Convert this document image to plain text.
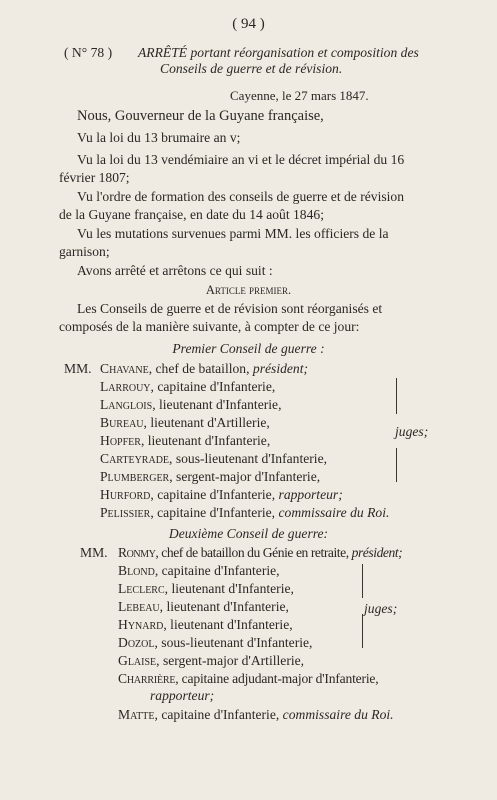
( 94 )
( N° 78 ) ARRÊTÉ portant réorganisation et composition des
Conseils de guerre et de révision.
Cayenne, le 27 mars 1847.
Nous, Gouverneur de la Guyane française,
Vu la loi du 13 brumaire an v;
Vu la loi du 13 vendémiaire an vi et le décret impérial du 16
février 1807;
Vu l'ordre de formation des conseils de guerre et de révision
de la Guyane française, en date du 14 août 1846;
Vu les mutations survenues parmi MM. les officiers de la
garnison;
Avons arrêté et arrêtons ce qui suit :
Article premier.
Les Conseils de guerre et de révision sont réorganisés et
composés de la manière suivante, à compter de ce jour:
Premier Conseil de guerre :
MM. Chavane, chef de bataillon, président;
Larrouy, capitaine d'Infanterie,
Langlois, lieutenant d'Infanterie,
Bureau, lieutenant d'Artillerie,
Hopfer, lieutenant d'Infanterie,
Carteyrade, sous-lieutenant d'Infanterie,
Plumberger, sergent-major d'Infanterie,
Hurford, capitaine d'Infanterie, rapporteur;
Pelissier, capitaine d'Infanterie, commissaire du Roi.
juges;
Deuxième Conseil de guerre:
MM. Ronmy, chef de bataillon du Génie en retraite, président;
Blond, capitaine d'Infanterie,
Leclerc, lieutenant d'Infanterie,
Lebeau, lieutenant d'Infanterie,
Hynard, lieutenant d'Infanterie,
Dozol, sous-lieutenant d'Infanterie,
Glaise, sergent-major d'Artillerie,
Charrière, capitaine adjudant-major d'Infanterie,
rapporteur;
Matte, capitaine d'Infanterie, commissaire du Roi.
juges;
